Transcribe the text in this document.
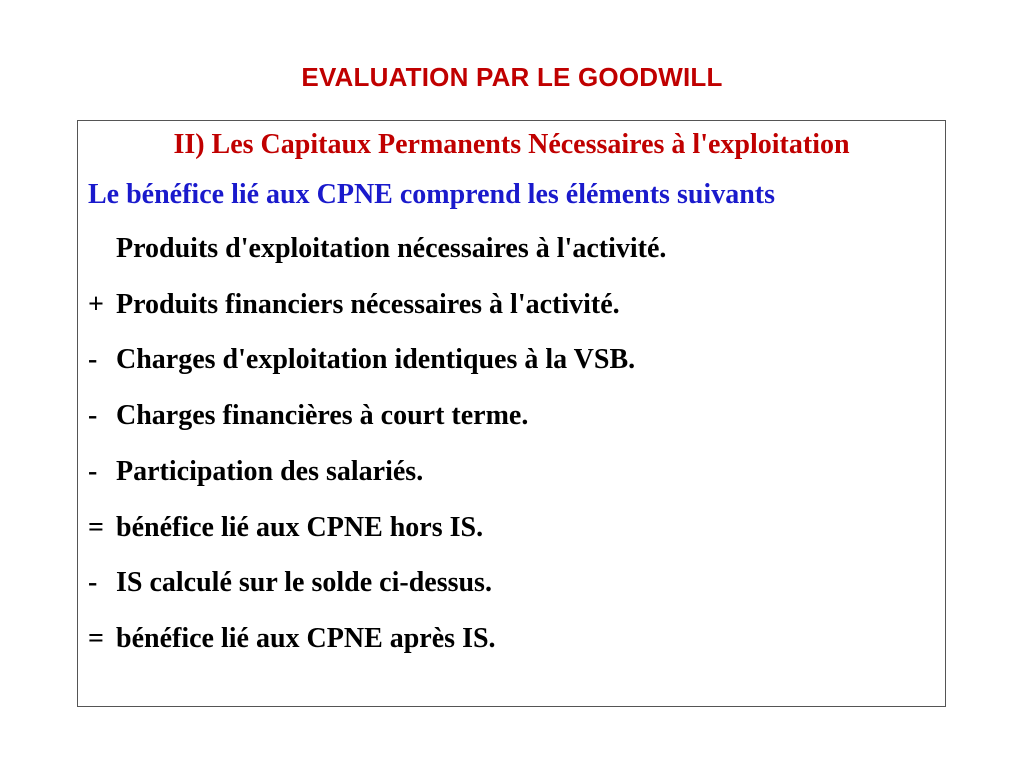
EVALUATION PAR LE GOODWILL

II) Les Capitaux Permanents Nécessaires à l'exploitation

Le bénéfice lié aux CPNE comprend les éléments suivants

Produits d'exploitation nécessaires à l'activité.

+ Produits financiers nécessaires à l'activité.

- Charges d'exploitation identiques à la VSB.

- Charges financières à court terme.

- Participation des salariés.

= bénéfice lié aux CPNE hors IS.

- IS calculé sur le solde ci-dessus.

= bénéfice lié aux CPNE après IS.
